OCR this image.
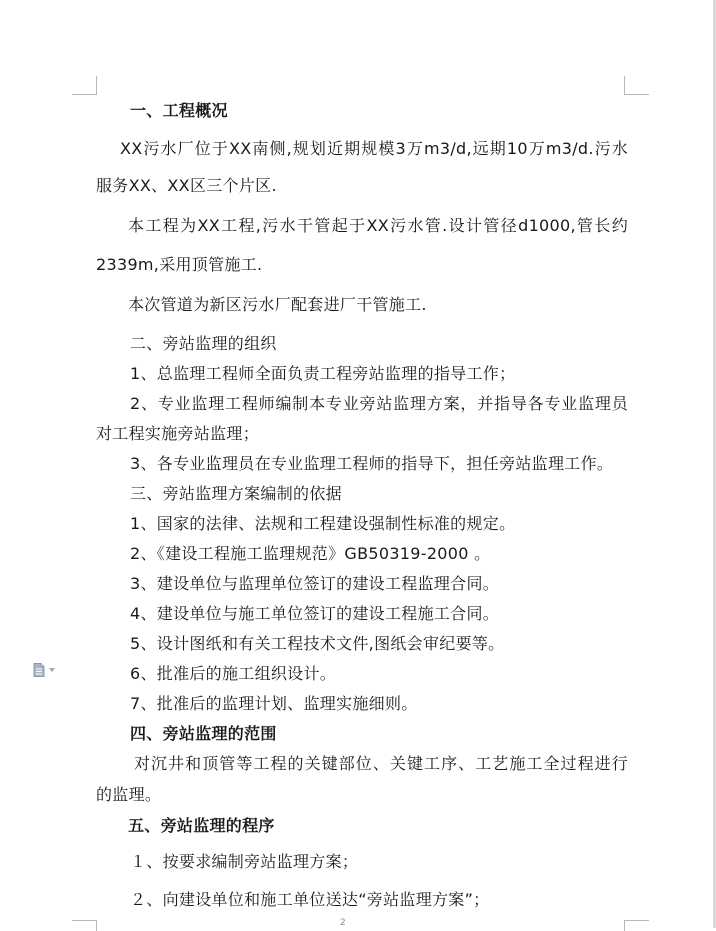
一、工程概况
XX污水厂位于XX南侧,规划近期规模3万m3/d,远期10万m3/d.污水
服务XX、XX区三个片区.
本工程为XX工程,污水干管起于XX污水管.设计管径d1000,管长约
2339m,采用顶管施工.
本次管道为新区污水厂配套进厂干管施工.
二、旁站监理的组织
1、总监理工程师全面负责工程旁站监理的指导工作；
2、专业监理工程师编制本专业旁站监理方案，并指导各专业监理员
对工程实施旁站监理；
3、各专业监理员在专业监理工程师的指导下，担任旁站监理工作。
三、旁站监理方案编制的依据
1、国家的法律、法规和工程建设强制性标准的规定。
2、《建设工程施工监理规范》GB50319-2000 。
3、建设单位与监理单位签订的建设工程监理合同。
4、建设单位与施工单位签订的建设工程施工合同。
5、设计图纸和有关工程技术文件,图纸会审纪要等。
6、批准后的施工组织设计。
7、批准后的监理计划、监理实施细则。
四、旁站监理的范围
对沉井和顶管等工程的关键部位、关键工序、工艺施工全过程进行
的监理。
五、旁站监理的程序
１、按要求编制旁站监理方案；
２、向建设单位和施工单位送达“旁站监理方案”；
2
